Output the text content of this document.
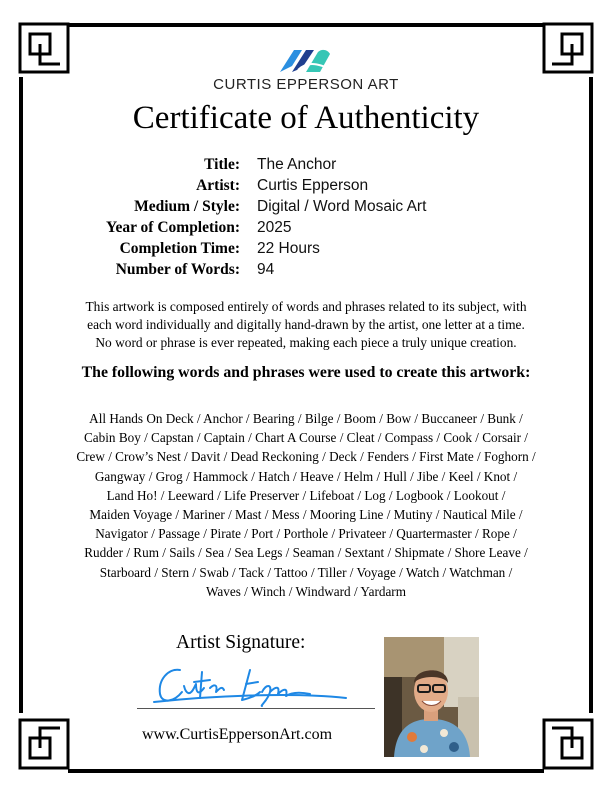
CURTIS EPPERSON ART
Certificate of Authenticity
Title:	The Anchor
Artist:	Curtis Epperson
Medium / Style:	Digital / Word Mosaic Art
Year of Completion:	2025
Completion Time:	22 Hours
Number of Words:	94
This artwork is composed entirely of words and phrases related to its subject, with
each word individually and digitally hand-drawn by the artist, one letter at a time.
No word or phrase is ever repeated, making each piece a truly unique creation.
The following words and phrases were used to create this artwork:
All Hands On Deck / Anchor / Bearing / Bilge / Boom / Bow / Buccaneer / Bunk /
Cabin Boy / Capstan / Captain / Chart A Course / Cleat / Compass / Cook / Corsair /
Crew / Crow’s Nest / Davit / Dead Reckoning / Deck / Fenders / First Mate / Foghorn /
Gangway / Grog / Hammock / Hatch / Heave / Helm / Hull / Jibe / Keel / Knot /
Land Ho! / Leeward / Life Preserver / Lifeboat / Log / Logbook / Lookout /
Maiden Voyage / Mariner / Mast / Mess / Mooring Line / Mutiny / Nautical Mile /
Navigator / Passage / Pirate / Port / Porthole / Privateer / Quartermaster / Rope /
Rudder / Rum / Sails / Sea / Sea Legs / Seaman / Sextant / Shipmate / Shore Leave /
Starboard / Stern / Swab / Tack / Tattoo / Tiller / Voyage / Watch / Watchman /
Waves / Winch / Windward / Yardarm
Artist Signature:
www.CurtisEppersonArt.com
